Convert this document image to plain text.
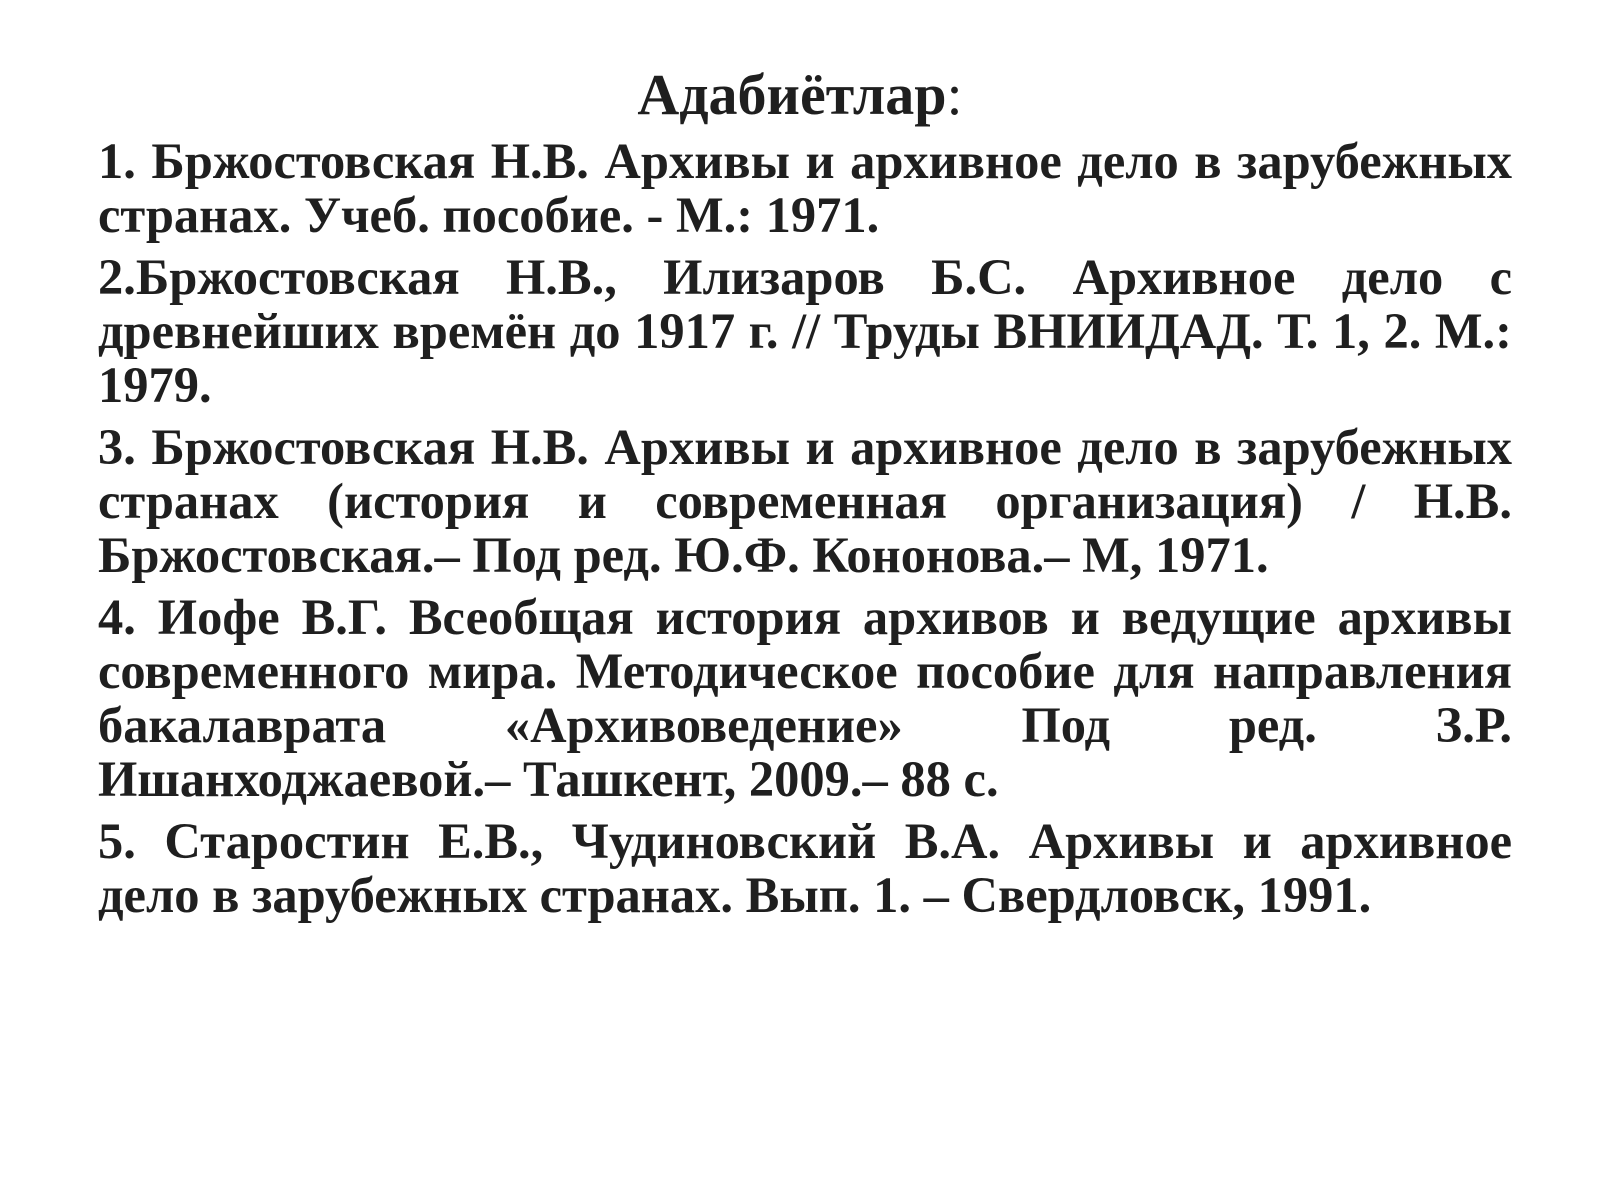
Адабиётлар:
1. Бржостовская Н.В. Архивы и архивное дело в зарубежных странах. Учеб. пособие. - М.: 1971.
2.Бржостовская Н.В., Илизаров Б.С. Архивное дело с древнейших времён до 1917 г. // Труды ВНИИДАД. Т. 1, 2. М.: 1979.
3. Бржостовская Н.В. Архивы и архивное дело в зарубежных странах (история и современная организация) / Н.В. Бржостовская.– Под ред. Ю.Ф. Кононова.– М, 1971.
4. Иофе В.Г. Всеобщая история архивов и ведущие архивы современного мира. Методическое пособие для направления бакалаврата «Архивоведение» Под ред. З.Р. Ишанходжаевой.– Ташкент, 2009.– 88 с.
5. Старостин Е.В., Чудиновский В.А. Архивы и архивное дело в зарубежных странах. Вып. 1. – Свердловск, 1991.
